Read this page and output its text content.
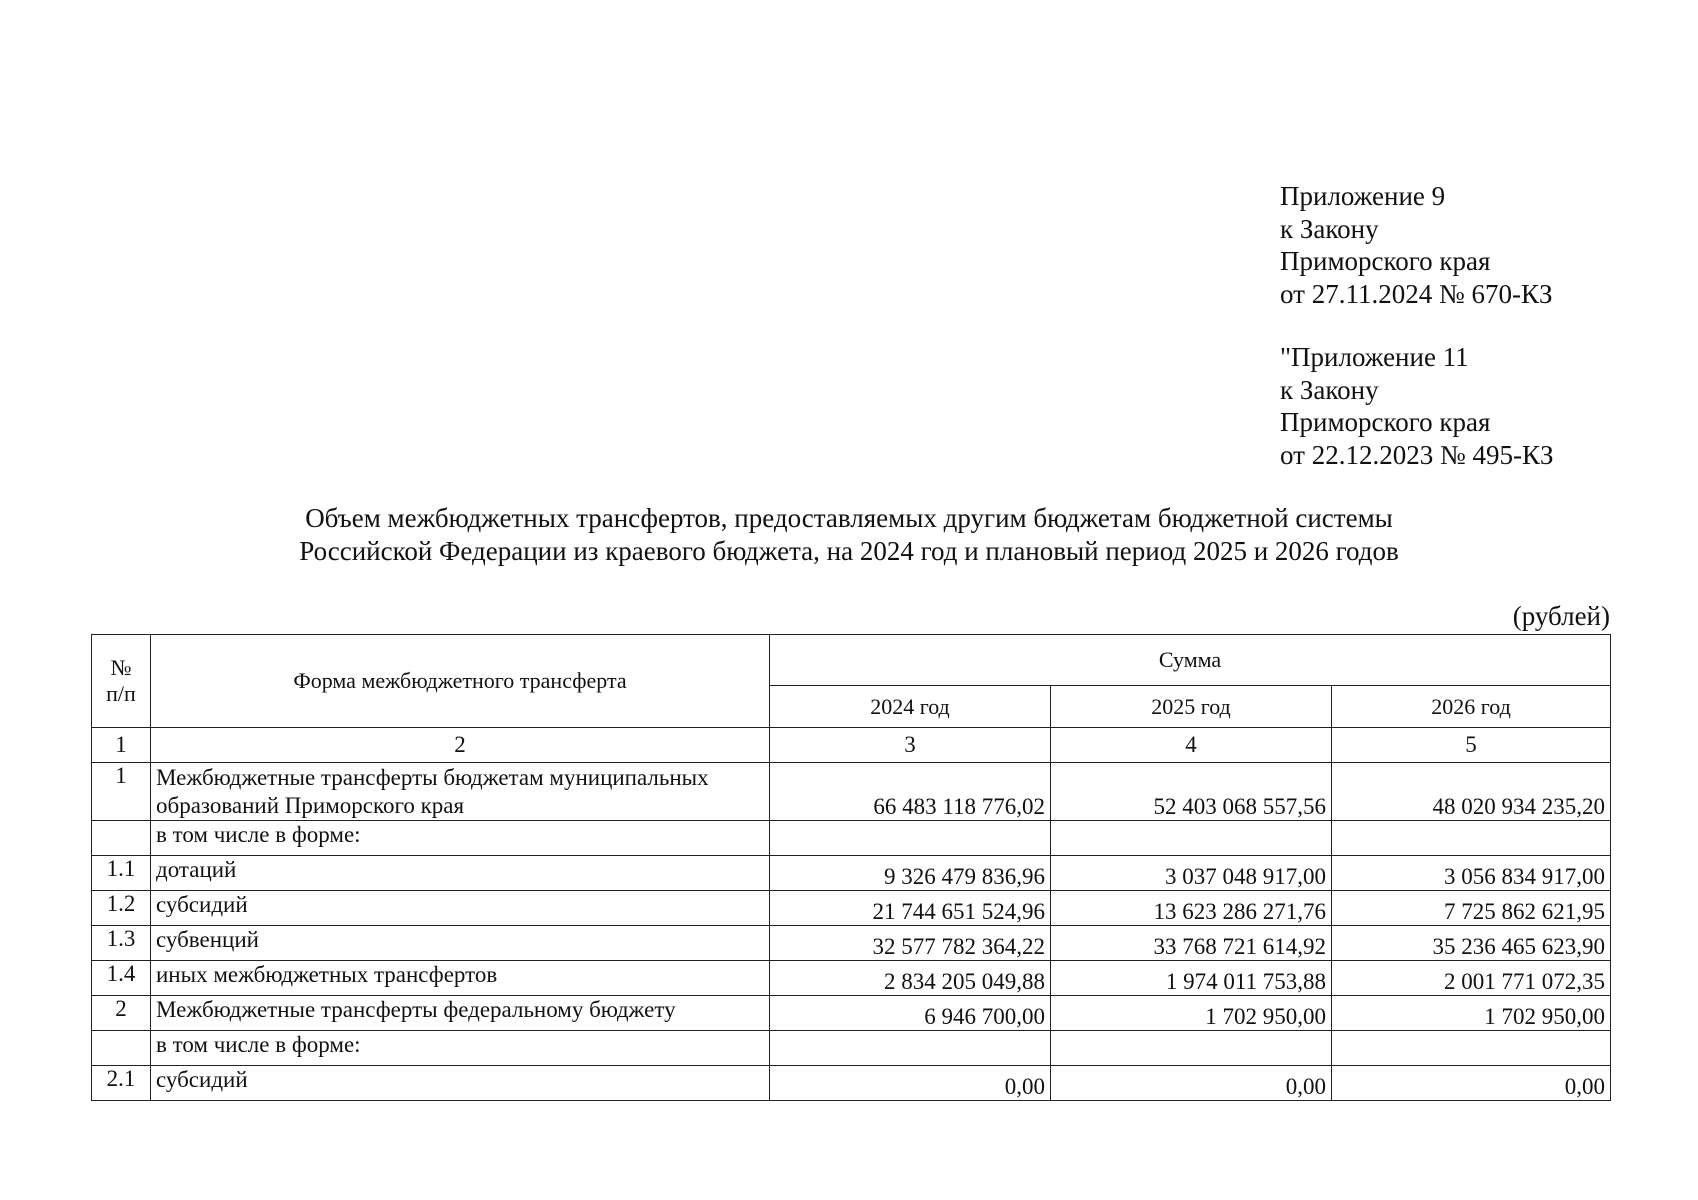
Приложение 9
к Закону
Приморского края
от 27.11.2024 № 670-КЗ
"Приложение 11
к Закону
Приморского края
от 22.12.2023 № 495-КЗ
Объем межбюджетных трансфертов, предоставляемых другим бюджетам бюджетной системы
Российской Федерации из краевого бюджета, на 2024 год и плановый период 2025 и 2026 годов
(рублей)
№ п/п	Форма межбюджетного трансферта	Сумма		
		2024 год	2025 год	2026 год
1	2	3	4	5
1	Межбюджетные трансферты бюджетам муниципальных образований Приморского края	66 483 118 776,02	52 403 068 557,56	48 020 934 235,20
	в том числе в форме:			
1.1	дотаций	9 326 479 836,96	3 037 048 917,00	3 056 834 917,00
1.2	субсидий	21 744 651 524,96	13 623 286 271,76	7 725 862 621,95
1.3	субвенций	32 577 782 364,22	33 768 721 614,92	35 236 465 623,90
1.4	иных межбюджетных трансфертов	2 834 205 049,88	1 974 011 753,88	2 001 771 072,35
2	Межбюджетные трансферты федеральному бюджету	6 946 700,00	1 702 950,00	1 702 950,00
	в том числе в форме:			
2.1	субсидий	0,00	0,00	0,00
